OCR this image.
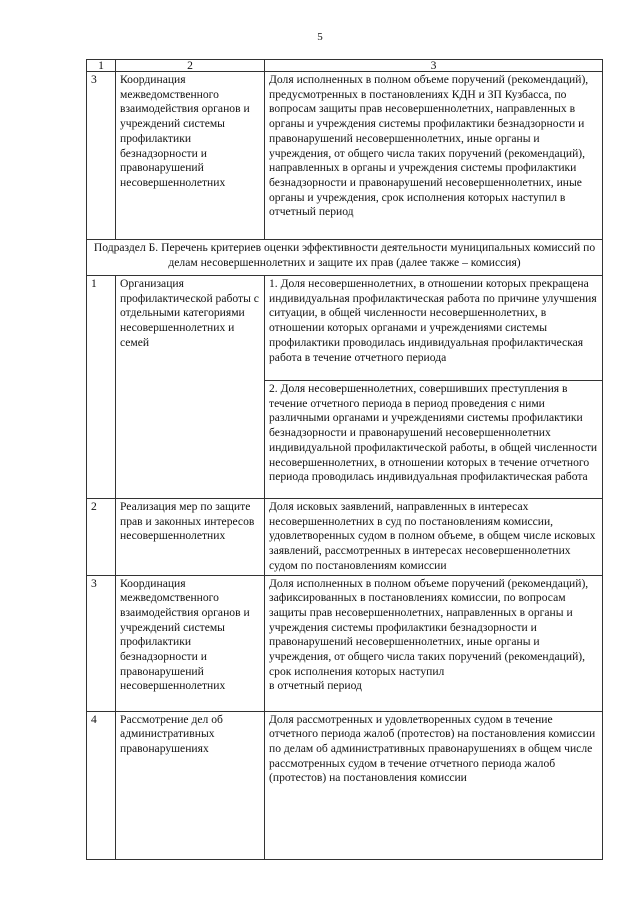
5
1	2	3
3	Координация межведомственного взаимодействия органов и учреждений системы профилактики безнадзорности и правонарушений несовершеннолетних	Доля исполненных в полном объеме поручений (рекомендаций), предусмотренных в постановлениях КДН и ЗП Кузбасса, по вопросам защиты прав несовершеннолетних, направленных в органы и учреждения системы профилактики безнадзорности и правонарушений несовершеннолетних, иные органы и учреждения, от общего числа таких поручений (рекомендаций), направленных в органы и учреждения системы профилактики безнадзорности и правонарушений несовершеннолетних, иные органы и учреждения, срок исполнения которых наступил в отчетный период
Подраздел Б. Перечень критериев оценки эффективности деятельности муниципальных комиссий по делам несовершеннолетних и защите их прав (далее также – комиссия)		
1	Организация профилактической работы с отдельными категориями несовершеннолетних и семей	1. Доля несовершеннолетних, в отношении которых прекращена индивидуальная профилактическая работа по причине улучшения ситуации, в общей численности несовершеннолетних, в отношении которых органами и учреждениями системы профилактики проводилась индивидуальная профилактическая работа в течение отчетного периода
		2. Доля несовершеннолетних, совершивших преступления в течение отчетного периода в период проведения с ними различными органами и учреждениями системы профилактики безнадзорности и правонарушений несовершеннолетних индивидуальной профилактической работы, в общей численности несовершеннолетних, в отношении которых в течение отчетного периода проводилась индивидуальная профилактическая работа
2	Реализация мер по защите прав и законных интересов несовершеннолетних	Доля исковых заявлений, направленных в интересах несовершеннолетних в суд по постановлениям комиссии, удовлетворенных судом в полном объеме, в общем числе исковых заявлений, рассмотренных в интересах несовершеннолетних судом по постановлениям комиссии
3	Координация межведомственного взаимодействия органов и учреждений системы профилактики безнадзорности и правонарушений несовершеннолетних	Доля исполненных в полном объеме поручений (рекомендаций), зафиксированных в постановлениях комиссии, по вопросам защиты прав несовершеннолетних, направленных в органы и учреждения системы профилактики безнадзорности и правонарушений несовершеннолетних, иные органы и учреждения, от общего числа таких поручений (рекомендаций), срок исполнения которых наступил
в отчетный период
4	Рассмотрение дел об административных правонарушениях	Доля рассмотренных и удовлетворенных судом в течение отчетного периода жалоб (протестов) на постановления комиссии по делам об административных правонарушениях в общем числе рассмотренных судом в течение отчетного периода жалоб (протестов) на постановления комиссии
